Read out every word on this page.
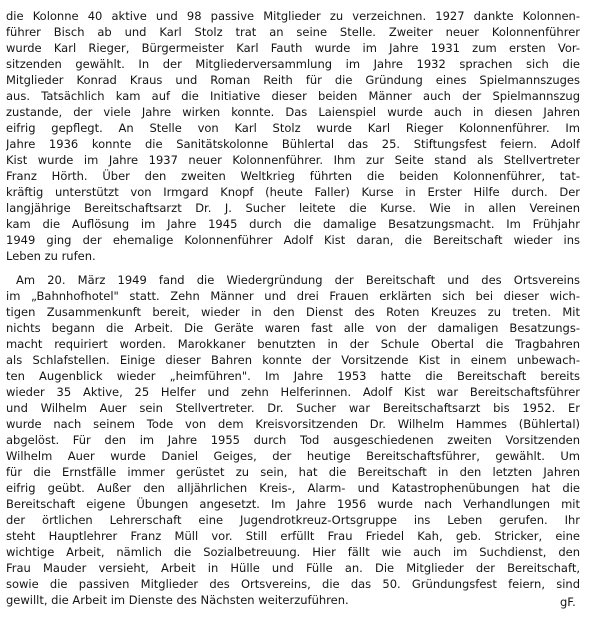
die Kolonne 40 aktive und 98 passive Mitglieder zu verzeichnen. 1927 dankte Kolonnen-
führer Bisch ab und Karl Stolz trat an seine Stelle. Zweiter neuer Kolonnenführer
wurde Karl Rieger, Bürgermeister Karl Fauth wurde im Jahre 1931 zum ersten Vor-
sitzenden gewählt. In der Mitgliederversammlung im Jahre 1932 sprachen sich die
Mitglieder Konrad Kraus und Roman Reith für die Gründung eines Spielmannszuges
aus. Tatsächlich kam auf die Initiative dieser beiden Männer auch der Spielmannszug
zustande, der viele Jahre wirken konnte. Das Laienspiel wurde auch in diesen Jahren
eifrig gepflegt. An Stelle von Karl Stolz wurde Karl Rieger Kolonnenführer. Im
Jahre 1936 konnte die Sanitätskolonne Bühlertal das 25. Stiftungsfest feiern. Adolf
Kist wurde im Jahre 1937 neuer Kolonnenführer. Ihm zur Seite stand als Stellvertreter
Franz Hörth. Über den zweiten Weltkrieg führten die beiden Kolonnenführer, tat-
kräftig unterstützt von Irmgard Knopf (heute Faller) Kurse in Erster Hilfe durch. Der
langjährige Bereitschaftsarzt Dr. J. Sucher leitete die Kurse. Wie in allen Vereinen
kam die Auflösung im Jahre 1945 durch die damalige Besatzungsmacht. Im Frühjahr
1949 ging der ehemalige Kolonnenführer Adolf Kist daran, die Bereitschaft wieder ins
Leben zu rufen.
Am 20. März 1949 fand die Wiedergründung der Bereitschaft und des Ortsvereins
im „Bahnhofhotel" statt. Zehn Männer und drei Frauen erklärten sich bei dieser wich-
tigen Zusammenkunft bereit, wieder in den Dienst des Roten Kreuzes zu treten. Mit
nichts begann die Arbeit. Die Geräte waren fast alle von der damaligen Besatzungs-
macht requiriert worden. Marokkaner benutzten in der Schule Obertal die Tragbahren
als Schlafstellen. Einige dieser Bahren konnte der Vorsitzende Kist in einem unbewach-
ten Augenblick wieder „heimführen". Im Jahre 1953 hatte die Bereitschaft bereits
wieder 35 Aktive, 25 Helfer und zehn Helferinnen. Adolf Kist war Bereitschaftsführer
und Wilhelm Auer sein Stellvertreter. Dr. Sucher war Bereitschaftsarzt bis 1952. Er
wurde nach seinem Tode von dem Kreisvorsitzenden Dr. Wilhelm Hammes (Bühlertal)
abgelöst. Für den im Jahre 1955 durch Tod ausgeschiedenen zweiten Vorsitzenden
Wilhelm Auer wurde Daniel Geiges, der heutige Bereitschaftsführer, gewählt. Um
für die Ernstfälle immer gerüstet zu sein, hat die Bereitschaft in den letzten Jahren
eifrig geübt. Außer den alljährlichen Kreis-, Alarm- und Katastrophenübungen hat die
Bereitschaft eigene Übungen angesetzt. Im Jahre 1956 wurde nach Verhandlungen mit
der örtlichen Lehrerschaft eine Jugendrotkreuz-Ortsgruppe ins Leben gerufen. Ihr
steht Hauptlehrer Franz Müll vor. Still erfüllt Frau Friedel Kah, geb. Stricker, eine
wichtige Arbeit, nämlich die Sozialbetreuung. Hier fällt wie auch im Suchdienst, den
Frau Mauder versieht, Arbeit in Hülle und Fülle an. Die Mitglieder der Bereitschaft,
sowie die passiven Mitglieder des Ortsvereins, die das 50. Gründungsfest feiern, sind
gewillt, die Arbeit im Dienste des Nächsten weiterzuführen.	gF.
